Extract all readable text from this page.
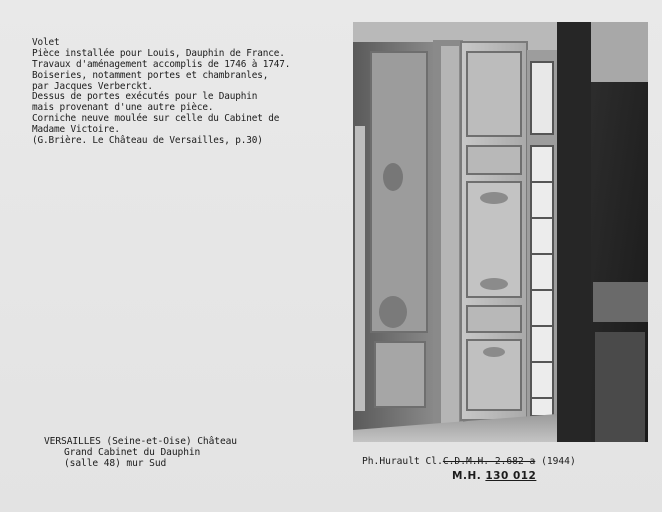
Volet
Pièce installée pour Louis, Dauphin de France.
Travaux d'aménagement accomplis de 1746 à 1747.
Boiseries, notamment portes et chambranles,
par Jacques Verberckt.
Dessus de portes exécutés pour le Dauphin
mais provenant d'une autre pièce.
Corniche neuve moulée sur celle du Cabinet de
Madame Victoire.
(G.Brière. Le Château de Versailles, p.30)
VERSAILLES (Seine-et-Oise) Château
Grand Cabinet du Dauphin
(salle 48) mur Sud	Ph.Hurault Cl.C.D.M.H. 2.682 a (1944)
M.H. 130 012
